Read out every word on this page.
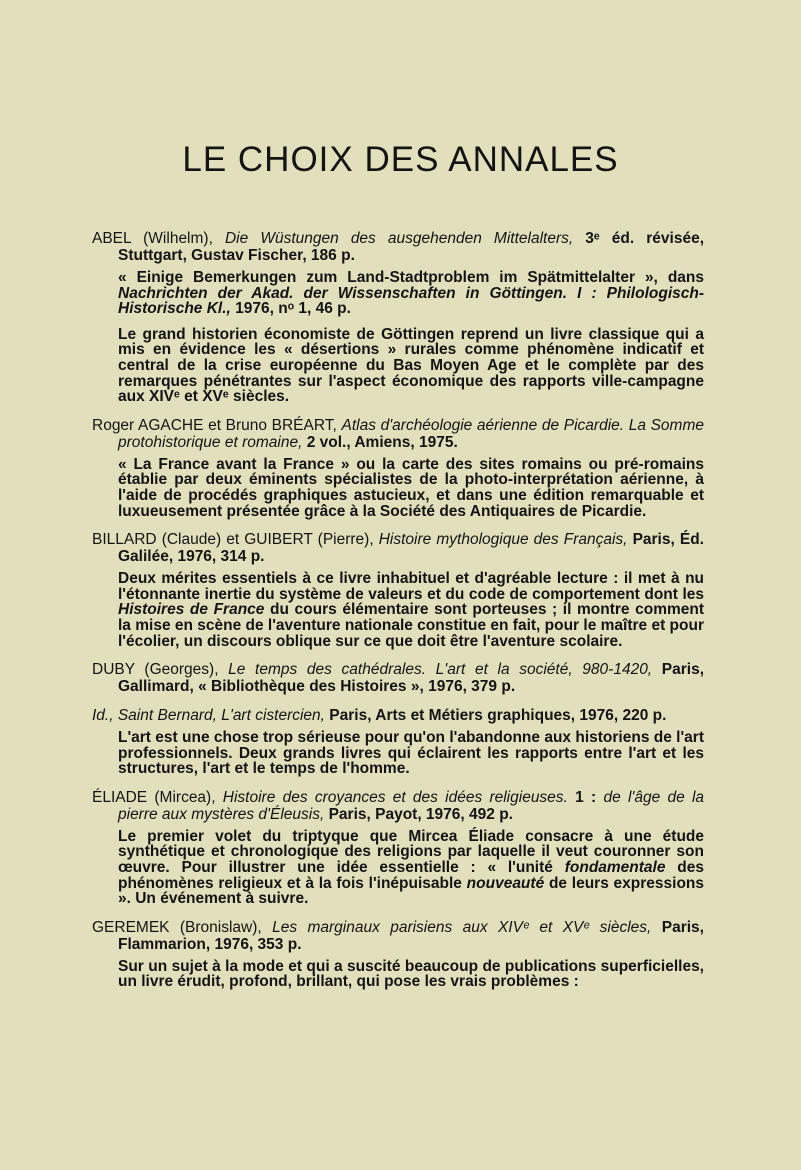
LE CHOIX DES ANNALES

ABEL (Wilhelm), Die Wüstungen des ausgehenden Mittelalters, 3ᵉ éd. révisée, Stuttgart, Gustav Fischer, 186 p.

« Einige Bemerkungen zum Land-Stadtproblem im Spätmittelalter », dans Nachrichten der Akad. der Wissenschaften in Göttingen. I : Philologisch-Historische Kl., 1976, nᵒ 1, 46 p.

Le grand historien économiste de Göttingen reprend un livre classique qui a mis en évidence les « désertions » rurales comme phénomène indicatif et central de la crise européenne du Bas Moyen Age et le complète par des remarques pénétrantes sur l'aspect économique des rapports ville-campagne aux XIVᵉ et XVᵉ siècles.

Roger AGACHE et Bruno BRÉART, Atlas d'archéologie aérienne de Picardie. La Somme protohistorique et romaine, 2 vol., Amiens, 1975.

« La France avant la France » ou la carte des sites romains ou pré-romains établie par deux éminents spécialistes de la photo-interprétation aérienne, à l'aide de procédés graphiques astucieux, et dans une édition remarquable et luxueusement présentée grâce à la Société des Antiquaires de Picardie.

BILLARD (Claude) et GUIBERT (Pierre), Histoire mythologique des Français, Paris, Éd. Galilée, 1976, 314 p.

Deux mérites essentiels à ce livre inhabituel et d'agréable lecture : il met à nu l'étonnante inertie du système de valeurs et du code de comportement dont les Histoires de France du cours élémentaire sont porteuses ; il montre comment la mise en scène de l'aventure nationale constitue en fait, pour le maître et pour l'écolier, un discours oblique sur ce que doit être l'aventure scolaire.

DUBY (Georges), Le temps des cathédrales. L'art et la société, 980-1420, Paris, Gallimard, « Bibliothèque des Histoires », 1976, 379 p.

Id., Saint Bernard, L'art cistercien, Paris, Arts et Métiers graphiques, 1976, 220 p.

L'art est une chose trop sérieuse pour qu'on l'abandonne aux historiens de l'art professionnels. Deux grands livres qui éclairent les rapports entre l'art et les structures, l'art et le temps de l'homme.

ÉLIADE (Mircea), Histoire des croyances et des idées religieuses. 1 : de l'âge de la pierre aux mystères d'Éleusis, Paris, Payot, 1976, 492 p.

Le premier volet du triptyque que Mircea Éliade consacre à une étude synthétique et chronologique des religions par laquelle il veut couronner son œuvre. Pour illustrer une idée essentielle : « l'unité fondamentale des phénomènes religieux et à la fois l'inépuisable nouveauté de leurs expressions ». Un événement à suivre.

GEREMEK (Bronislaw), Les marginaux parisiens aux XIVᵉ et XVᵉ siècles, Paris, Flammarion, 1976, 353 p.

Sur un sujet à la mode et qui a suscité beaucoup de publications superficielles, un livre érudit, profond, brillant, qui pose les vrais problèmes :
